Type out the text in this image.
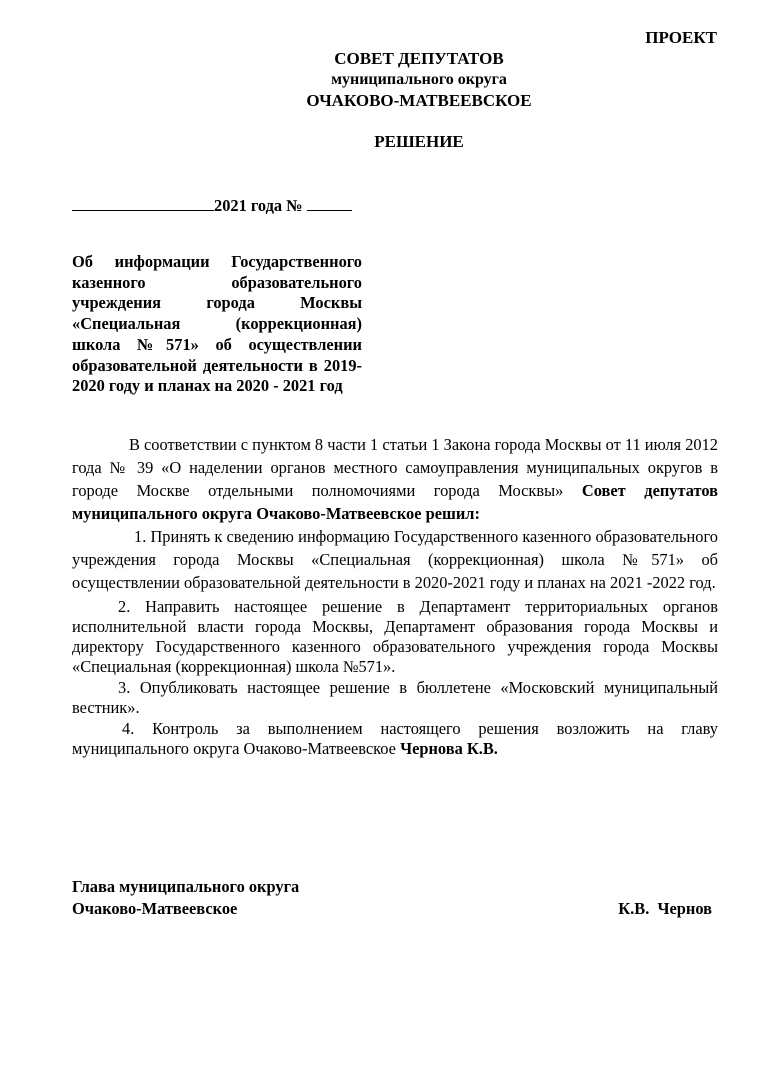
ПРОЕКТ
СОВЕТ ДЕПУТАТОВ
муниципального округа
ОЧАКОВО-МАТВЕЕВСКОЕ
РЕШЕНИЕ
2021 года №
Об информации Государственного казенного образовательного учреждения города Москвы «Специальная (коррекционная) школа №571» об осуществлении образовательной деятельности в 2019-2020 году и планах на 2020 - 2021 год

В соответствии с пунктом 8 части 1 статьи 1 Закона города Москвы от 11 июля 2012 года № 39 «О наделении органов местного самоуправления муниципальных округов в городе Москве отдельными полномочиями города Москвы» Совет депутатов муниципального округа Очаково-Матвеевское решил:

1. Принять к сведению информацию Государственного казенного образовательного учреждения города Москвы «Специальная (коррекционная) школа №571» об осуществлении образовательной деятельности в 2020-2021 году и планах на 2021 -2022 год.

2. Направить настоящее решение в Департамент территориальных органов исполнительной власти города Москвы, Департамент образования города Москвы и директору Государственного казенного образовательного учреждения города Москвы «Специальная (коррекционная) школа №571».

3. Опубликовать настоящее решение в бюллетене «Московский муниципальный вестник».

4. Контроль за выполнением настоящего решения возложить на главу муниципального округа Очаково-Матвеевское Чернова К.В.

Глава муниципального округа
Очаково-Матвеевское	К.В.  Чернов
